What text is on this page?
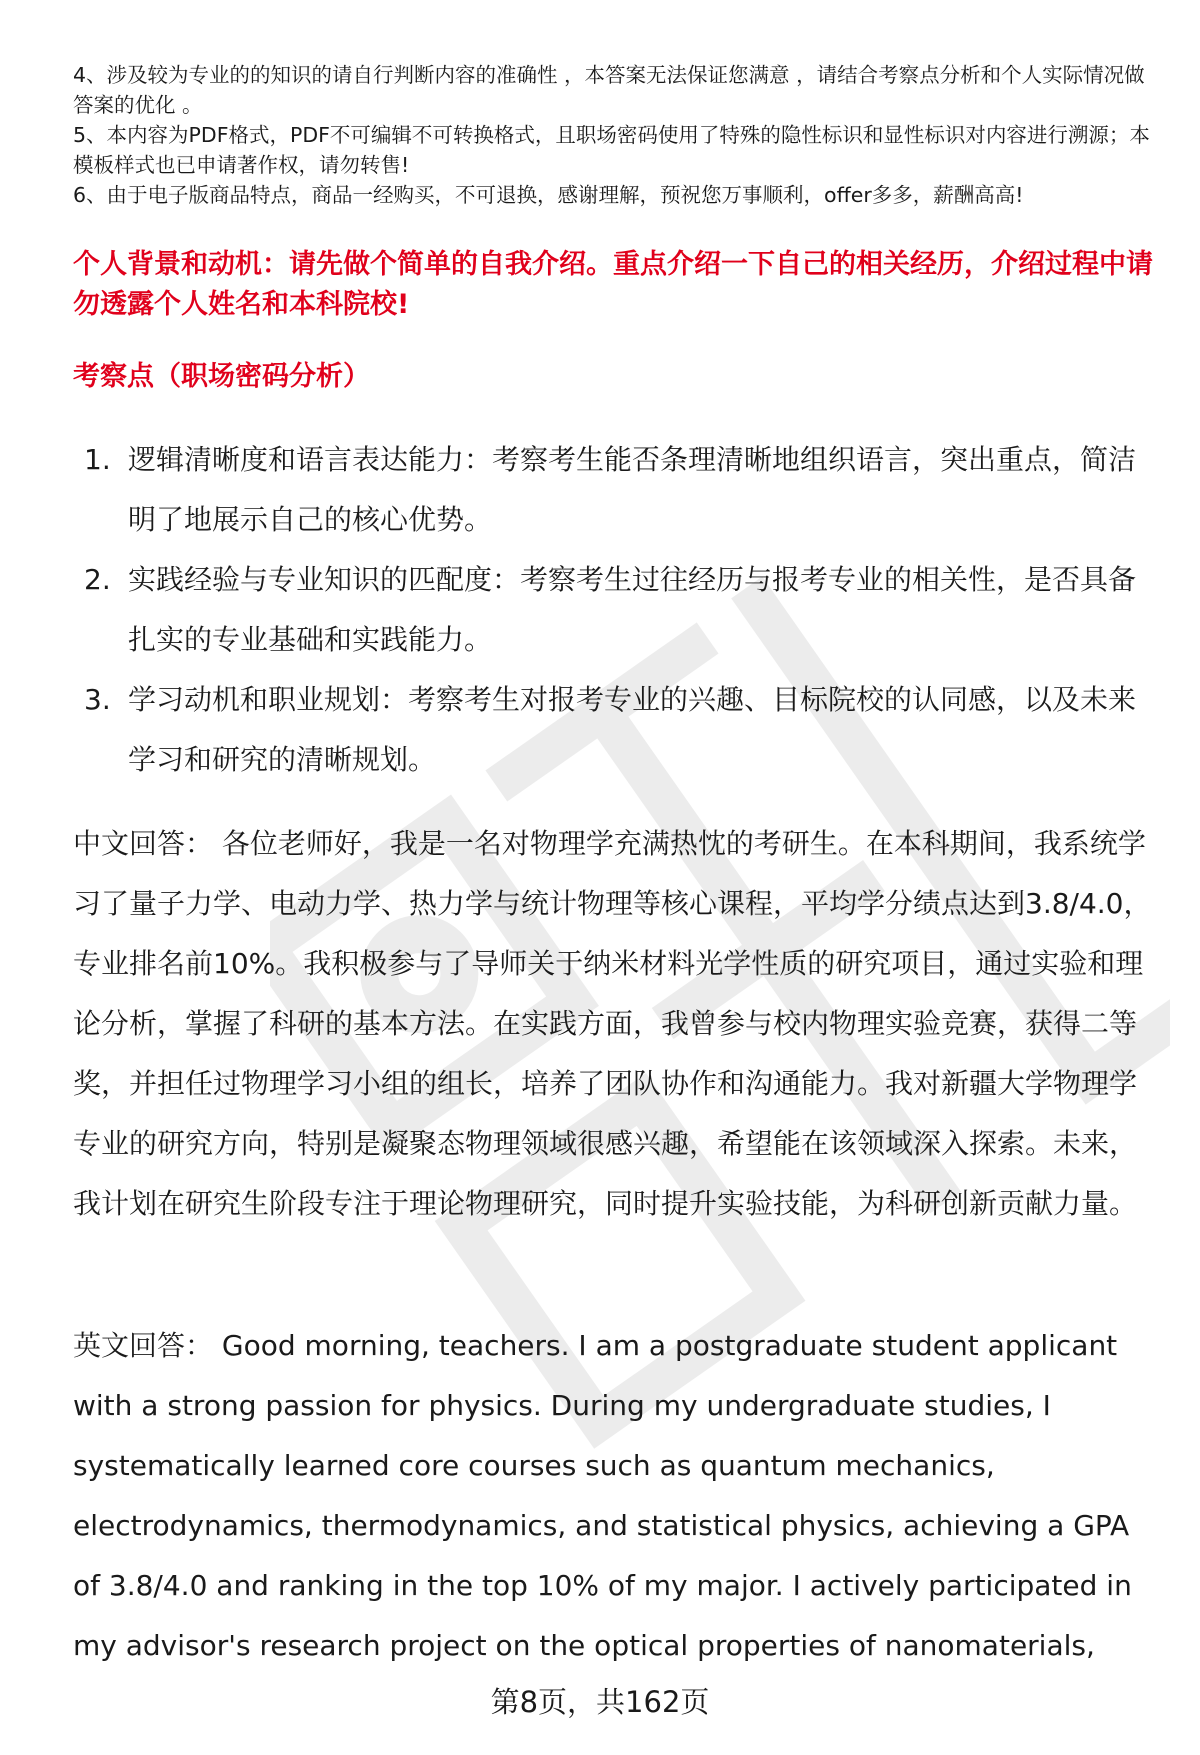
4、涉及较为专业的的知识的请自行判断内容的准确性 ，本答案无法保证您满意 ，请结合考察点分析和个人实际情况做答案的优化 。

5、本内容为PDF格式，PDF不可编辑不可转换格式，且职场密码使用了特殊的隐性标识和显性标识对内容进行溯源；本模板样式也已申请著作权，请勿转售!

6、由于电子版商品特点，商品一经购买，不可退换，感谢理解，预祝您万事顺利，offer多多，薪酬高高!

个人背景和动机：请先做个简单的自我介绍。重点介绍一下自己的相关经历，介绍过程中请勿透露个人姓名和本科院校!

考察点（职场密码分析）

1. 逻辑清晰度和语言表达能力：考察考生能否条理清晰地组织语言，突出重点，简洁明了地展示自己的核心优势。
2. 实践经验与专业知识的匹配度：考察考生过往经历与报考专业的相关性，是否具备扎实的专业基础和实践能力。
3. 学习动机和职业规划：考察考生对报考专业的兴趣、目标院校的认同感，以及未来学习和研究的清晰规划。

中文回答： 各位老师好，我是一名对物理学充满热忱的考研生。在本科期间，我系统学习了量子力学、电动力学、热力学与统计物理等核心课程，平均学分绩点达到3.8/4.0，专业排名前10%。我积极参与了导师关于纳米材料光学性质的研究项目，通过实验和理论分析，掌握了科研的基本方法。在实践方面，我曾参与校内物理实验竞赛，获得二等奖，并担任过物理学习小组的组长，培养了团队协作和沟通能力。我对新疆大学物理学专业的研究方向，特别是凝聚态物理领域很感兴趣，希望能在该领域深入探索。未来，我计划在研究生阶段专注于理论物理研究，同时提升实验技能，为科研创新贡献力量。

英文回答： Good morning, teachers. I am a postgraduate student applicant with a strong passion for physics. During my undergraduate studies, I systematically learned core courses such as quantum mechanics, electrodynamics, thermodynamics, and statistical physics, achieving a GPA of 3.8/4.0 and ranking in the top 10% of my major. I actively participated in my advisor's research project on the optical properties of nanomaterials,

第8页，共162页
